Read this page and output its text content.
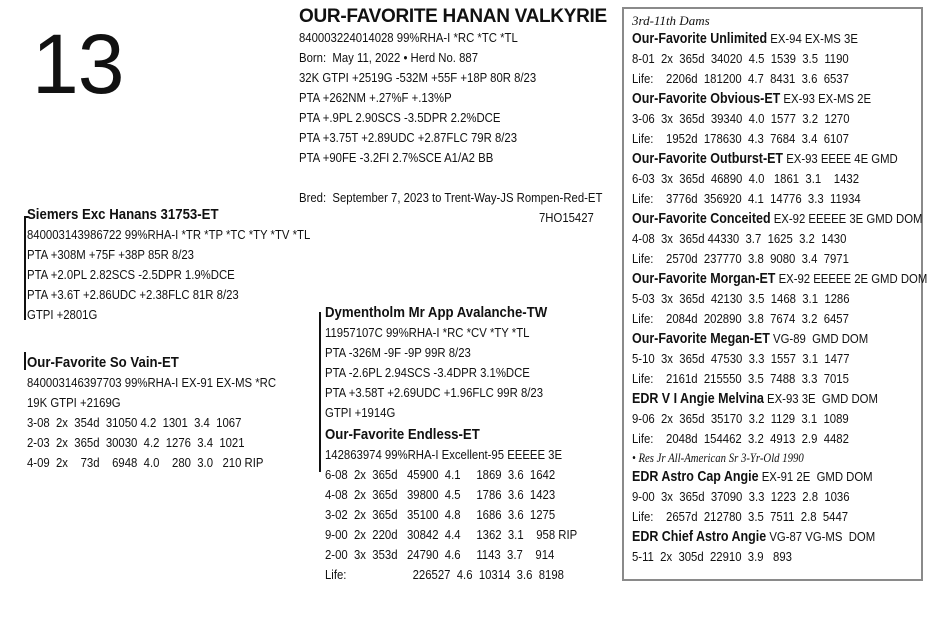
13
OUR-FAVORITE HANAN VALKYRIE
840003224014028 99%RHA-I *RC *TC *TL
Born:  May 11, 2022 • Herd No. 887
32K GTPI +2519G -532M +55F +18P 80R 8/23
PTA +262NM +.27%F +.13%P
PTA +.9PL 2.90SCS -3.5DPR 2.2%DCE
PTA +3.75T +2.89UDC +2.87FLC 79R 8/23
PTA +90FE -3.2FI 2.7%SCE A1/A2 BB
Bred:  September 7, 2023 to Trent-Way-JS Rompen-Red-ET
7HO15427
Siemers Exc Hanans 31753-ET
840003143986722 99%RHA-I *TR *TP *TC *TY *TV *TL
PTA +308M +75F +38P 85R 8/23
PTA +2.0PL 2.82SCS -2.5DPR 1.9%DCE
PTA +3.6T +2.86UDC +2.38FLC 81R 8/23
GTPI +2801G
Our-Favorite So Vain-ET
840003146397703 99%RHA-I EX-91 EX-MS *RC
19K GTPI +2169G
3-08  2x  354d  31050 4.2  1301  3.4  1067
2-03  2x  365d  30030  4.2  1276  3.4  1021
4-09  2x    73d    6948  4.0    280  3.0   210 RIP
Dymentholm Mr App Avalanche-TW
11957107C 99%RHA-I *RC *CV *TY *TL
PTA -326M -9F -9P 99R 8/23
PTA -2.6PL 2.94SCS -3.4DPR 3.1%DCE
PTA +3.58T +2.69UDC +1.96FLC 99R 8/23
GTPI +1914G
Our-Favorite Endless-ET
142863974 99%RHA-I Excellent-95 EEEEE 3E
6-08  2x  365d   45900  4.1     1869  3.6  1642
4-08  2x  365d   39800  4.5     1786  3.6  1423
3-02  2x  365d   35100  4.8     1686  3.6  1275
9-00  2x  220d   30842  4.4     1362  3.1    958 RIP
2-00  3x  353d   24790  4.6     1143  3.7    914
Life:                     226527  4.6  10314  3.6  8198
3rd-11th Dams
Our-Favorite Unlimited EX-94 EX-MS 3E
8-01  2x  365d  34020  4.5  1539  3.5  1190
Life:    2206d  181200  4.7  8431  3.6  6537
Our-Favorite Obvious-ET EX-93 EX-MS 2E
3-06  3x  365d  39340  4.0  1577  3.2  1270
Life:    1952d  178630  4.3  7684  3.4  6107
Our-Favorite Outburst-ET EX-93 EEEE 4E GMD
6-03  3x  365d  46890  4.0   1861  3.1    1432
Life:    3776d  356920  4.1  14776  3.3  11934
Our-Favorite Conceited EX-92 EEEEE 3E GMD DOM
4-08  3x  365d 44330  3.7  1625  3.2  1430
Life:    2570d  237770  3.8  9080  3.4  7971
Our-Favorite Morgan-ET EX-92 EEEEE 2E GMD DOM
5-03  3x  365d  42130  3.5  1468  3.1  1286
Life:    2084d  202890  3.8  7674  3.2  6457
Our-Favorite Megan-ET VG-89  GMD DOM
5-10  3x  365d  47530  3.3  1557  3.1  1477
Life:    2161d  215550  3.5  7488  3.3  7015
EDR V I Angie Melvina EX-93 3E  GMD DOM
9-06  2x  365d  35170  3.2  1129  3.1  1089
Life:    2048d  154462  3.2  4913  2.9  4482
• Res Jr All-American Sr 3-Yr-Old 1990
EDR Astro Cap Angie EX-91 2E  GMD DOM
9-00  3x  365d  37090  3.3  1223  2.8  1036
Life:    2657d  212780  3.5  7511  2.8  5447
EDR Chief Astro Angie VG-87 VG-MS  DOM
5-11  2x  305d  22910  3.9   893
